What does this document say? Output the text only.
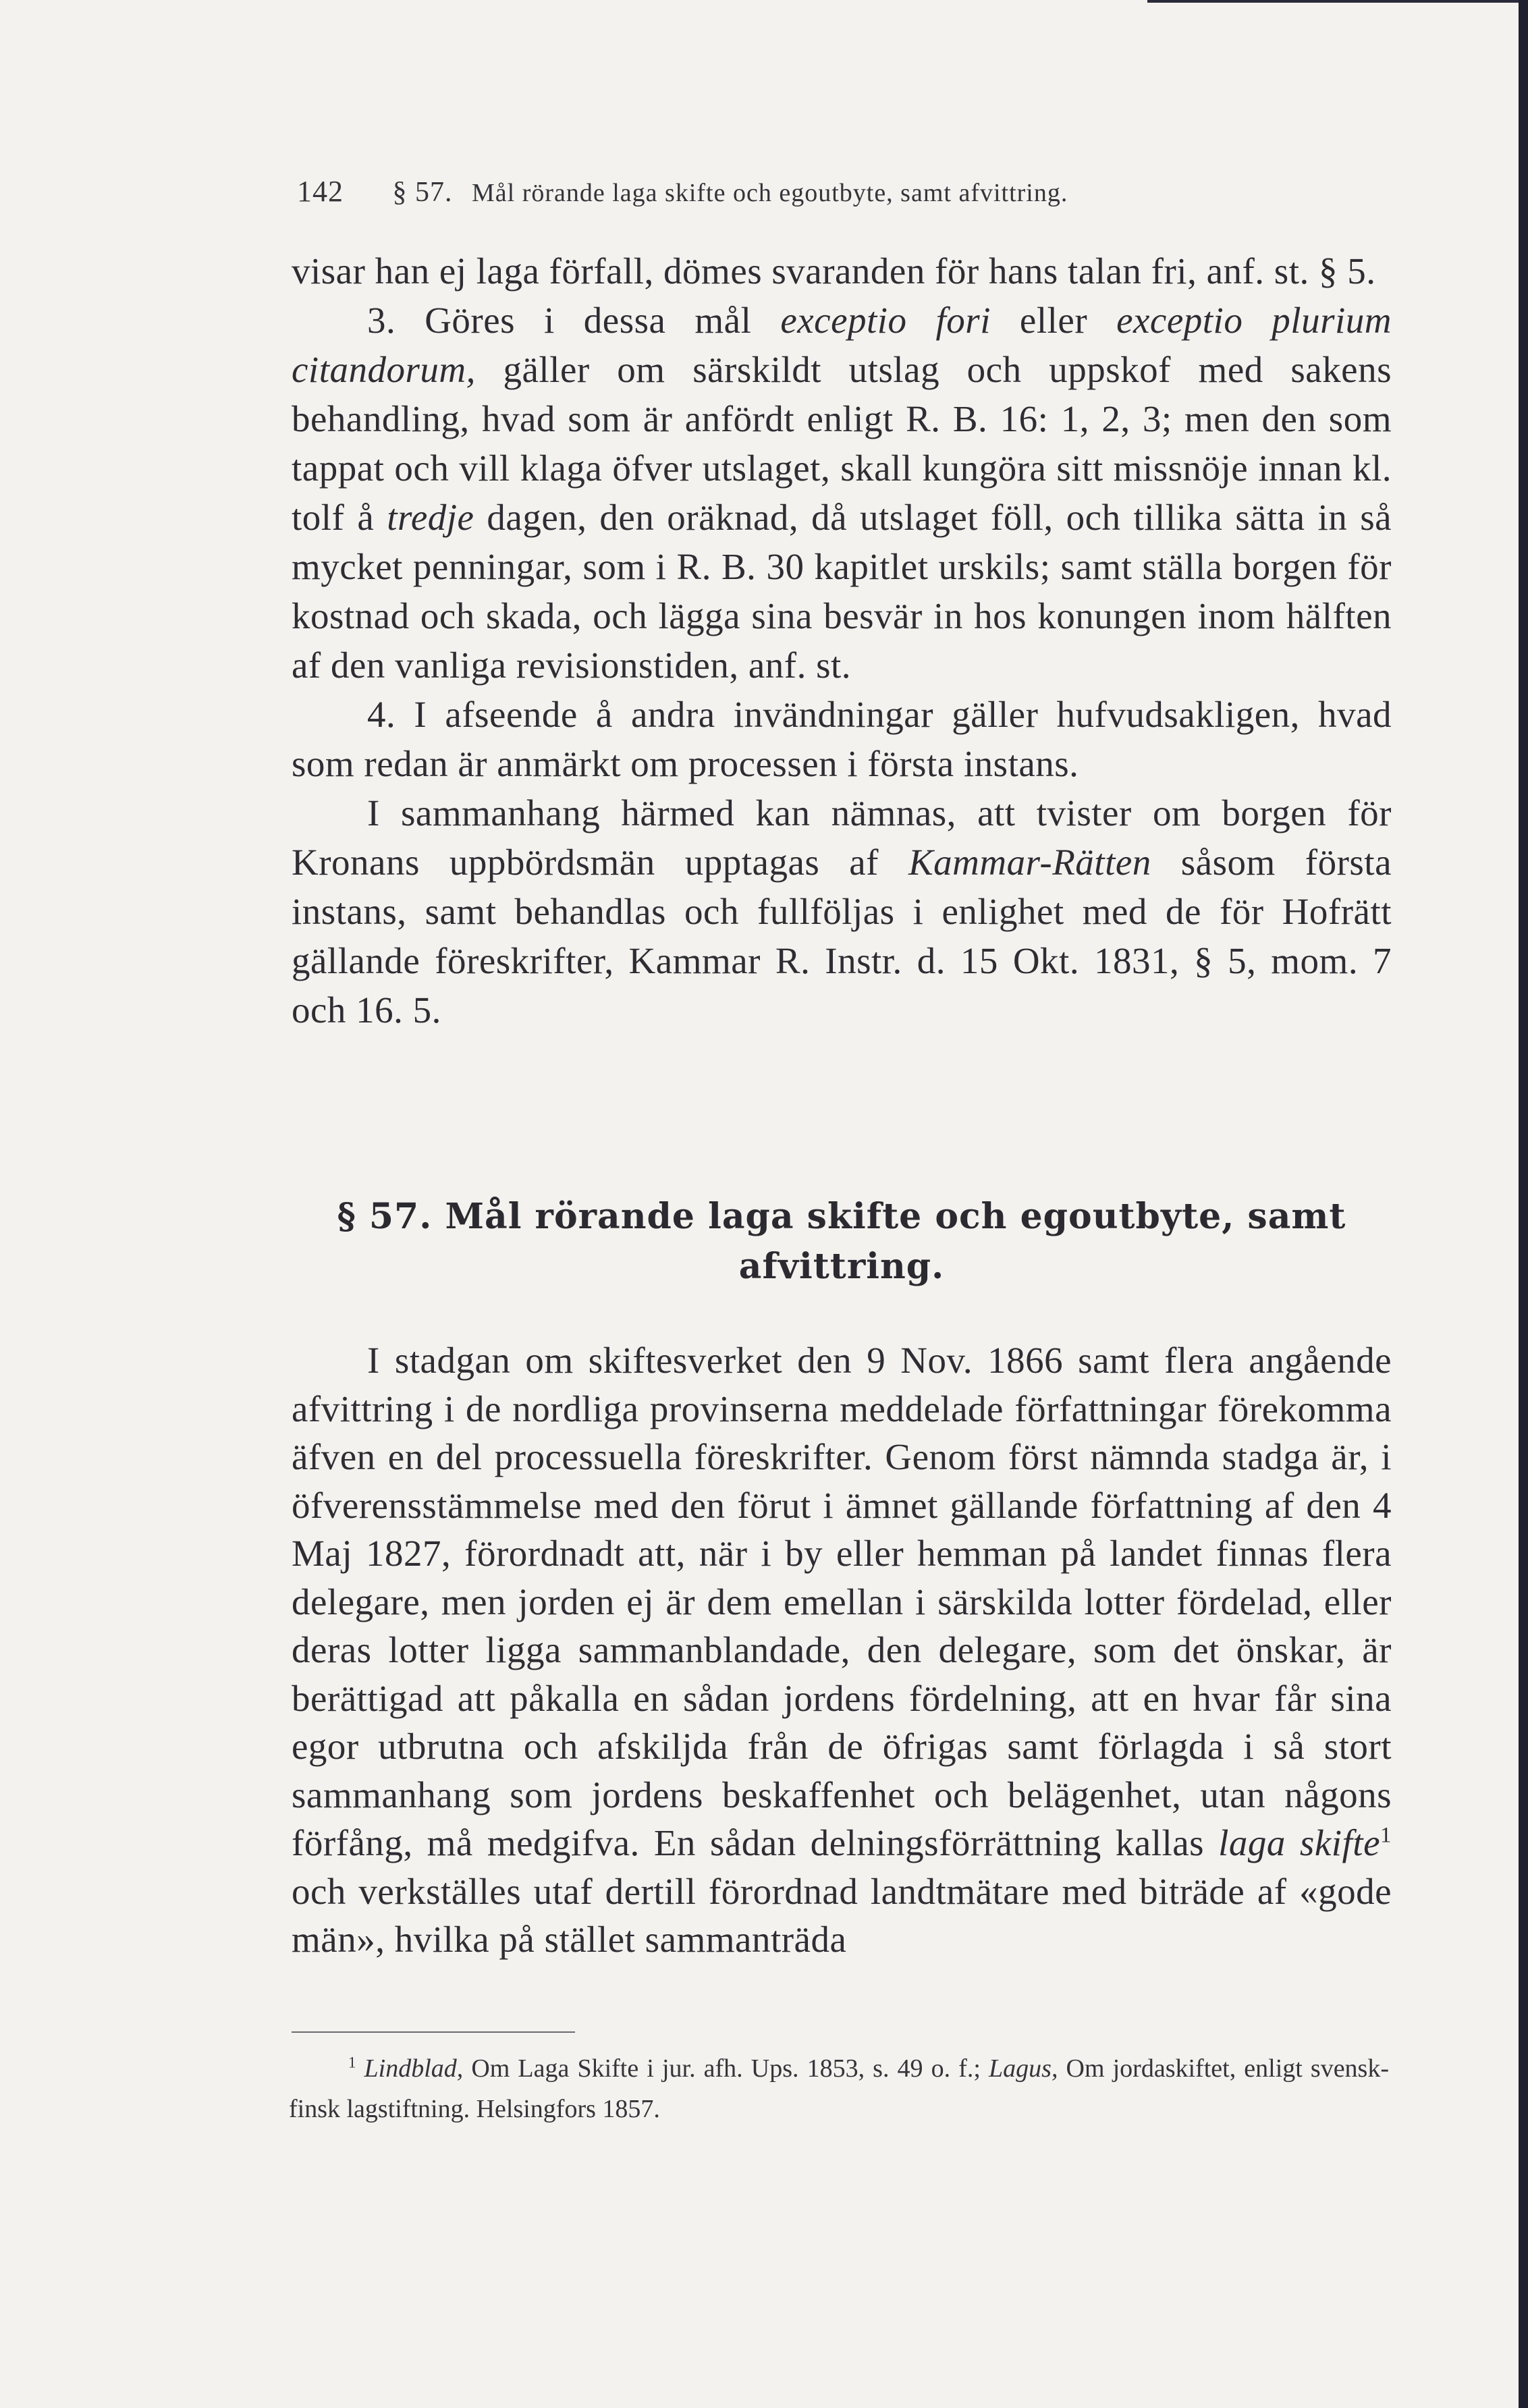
142 § 57. Mål rörande laga skifte och egoutbyte, samt afvittring.

visar han ej laga förfall, dömes svaranden för hans talan fri, anf. st. § 5.

3. Göres i dessa mål exceptio fori eller exceptio plurium citandorum, gäller om särskildt utslag och uppskof med sakens behandling, hvad som är anfördt enligt R. B. 16: 1, 2, 3; men den som tappat och vill klaga öfver utslaget, skall kungöra sitt missnöje innan kl. tolf å tredje dagen, den oräknad, då utslaget föll, och tillika sätta in så mycket penningar, som i R. B. 30 kapitlet urskils; samt ställa borgen för kostnad och skada, och lägga sina besvär in hos konungen inom hälften af den vanliga revisionstiden, anf. st.

4. I afseende å andra invändningar gäller hufvudsakligen, hvad som redan är anmärkt om processen i första instans.

I sammanhang härmed kan nämnas, att tvister om borgen för Kronans uppbördsmän upptagas af Kammar-Rätten såsom första instans, samt behandlas och fullföljas i enlighet med de för Hofrätt gällande föreskrifter, Kammar R. Instr. d. 15 Okt. 1831, § 5, mom. 7 och 16. 5.

§ 57. Mål rörande laga skifte och egoutbyte, samt
afvittring.

I stadgan om skiftesverket den 9 Nov. 1866 samt flera angående afvittring i de nordliga provinserna meddelade författningar förekomma äfven en del processuella föreskrifter. Genom först nämnda stadga är, i öfverensstämmelse med den förut i ämnet gällande författning af den 4 Maj 1827, förordnadt att, när i by eller hemman på landet finnas flera delegare, men jorden ej är dem emellan i särskilda lotter fördelad, eller deras lotter ligga sammanblandade, den delegare, som det önskar, är berättigad att påkalla en sådan jordens fördelning, att en hvar får sina egor utbrutna och afskiljda från de öfrigas samt förlagda i så stort sammanhang som jordens beskaffenhet och belägenhet, utan någons förfång, må medgifva. En sådan delningsförrättning kallas laga skifte$^1$ och verkställes utaf dertill förordnad landtmätare med biträde af «gode män», hvilka på stället sammanträda

$^1$ Lindblad, Om Laga Skifte i jur. afh. Ups. 1853, s. 49 o. f.; Lagus, Om jordaskiftet, enligt svensk-finsk lagstiftning. Helsingfors 1857.
